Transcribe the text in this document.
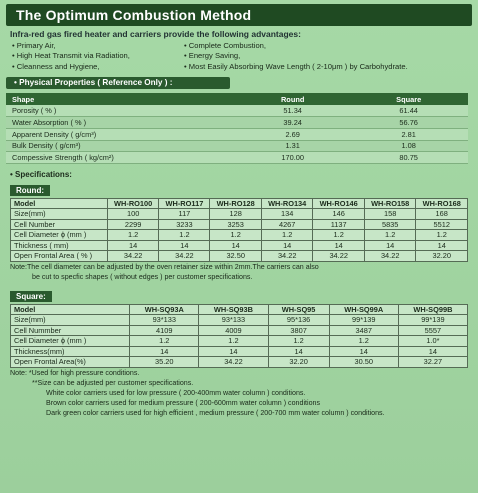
The Optimum Combustion Method
Infra-red gas fired heater and carriers provide the following advantages:
• Primary Air,	• Complete Combustion,
• High Heat Transmit via Radiation,	• Energy Saving,
• Cleanness and Hygiene,	• Most Easily Absorbing Wave Length ( 2-10μm ) by Carbohydrate.
• Physical Properties ( Reference Only ) :
Shape	Round	Square
Porosity ( % )	51.34	61.44
Water Absorption ( % )	39.24	56.76
Apparent Density ( g/cm³)	2.69	2.81
Bulk Density ( g/cm³)	1.31	1.08
Compessive Strength ( kg/cm²)	170.00	80.75
• Specifications:
Round:
Model	WH-RO100	WH-RO117	WH-RO128	WH-RO134	WH-RO146	WH-RO158	WH-RO168
Size(mm)	100	117	128	134	146	158	168
Cell Number	2299	3233	3253	4267	1137	5835	5512
Cell Diameter ϕ (mm )	1.2	1.2	1.2	1.2	1.2	1.2	1.2
Thickness ( mm)	14	14	14	14	14	14	14
Open Frontal Area ( % )	34.22	34.22	32.50	34.22	34.22	34.22	32.20
Note:The cell diameter can be adjusted by the oven retainer size within 2mm.The carriers can also
be cut to specfic shapes ( without edges ) per customer specifications.
Square:
Model	WH-SQ93A	WH-SQ93B	WH-SQ95	WH-SQ99A	WH-SQ99B
Size(mm)	93*133	93*133	95*136	99*139	99*139
Cell Nummber	4109	4009	3807	3487	5557
Cell Diameter ϕ (mm )	1.2	1.2	1.2	1.2	1.0*
Thickness(mm)	14	14	14	14	14
Open Frontal Area(%)	35.20	34.22	32.20	30.50	32.27
Note: *Used for high pressure conditions.
**Size can be adjusted per customer specifications.
White color carriers used for low pressure ( 200-400mm water column ) conditions.
Brown color carriers used for medium pressure ( 200-600mm water column ) conditions
Dark green color carriers used for high efficient , medium pressure ( 200-700 mm water column ) conditions.
